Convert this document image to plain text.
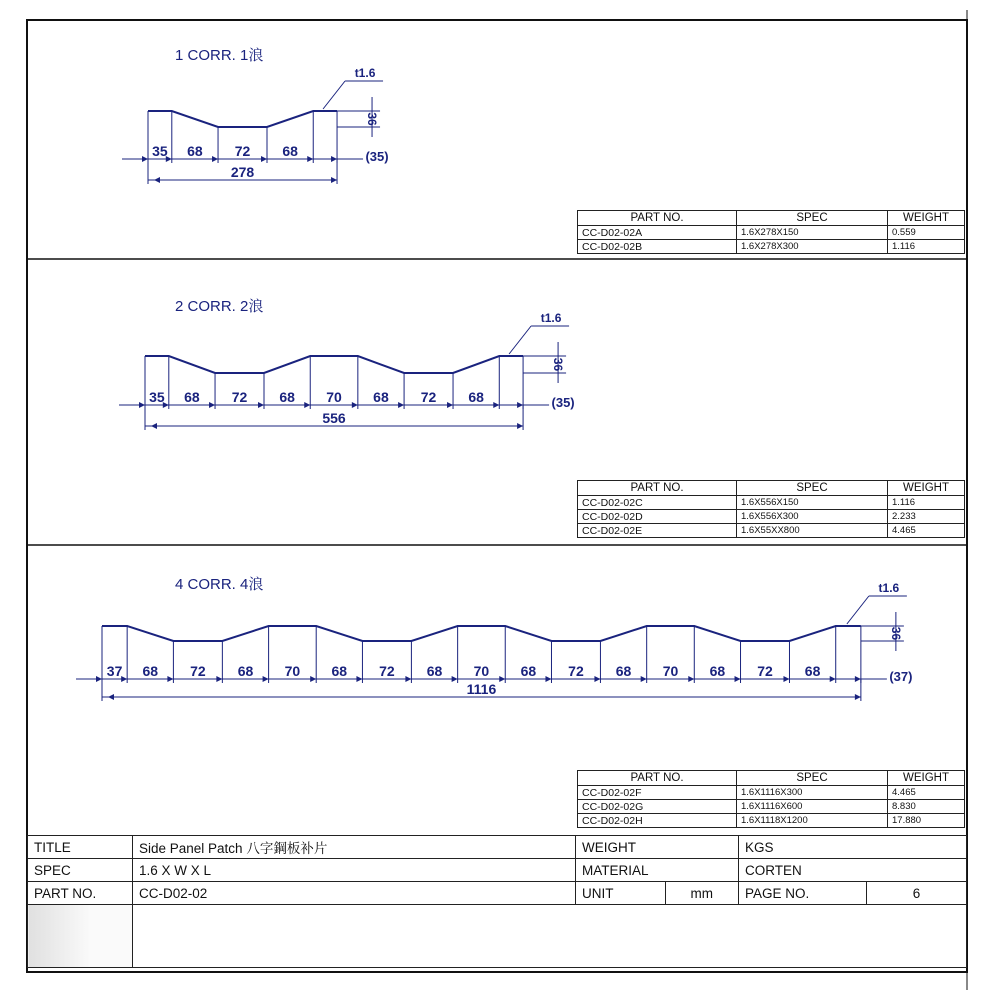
1 CORR. 1浪
2 CORR. 2浪
4 CORR. 4浪
35 68 72 68	(35)
278
36
t1.6
35 68 72 68 70 68 72 68	(35)
556
36
t1.6
37 68 72 68 70 68 72 68 70 68 72 68 70 68 72 68	(37)
1116
36
t1.6
PART NO.	SPEC	WEIGHT
CC-D02-02A	1.6X278X150	0.559
CC-D02-02B	1.6X278X300	1.116
PART NO.	SPEC	WEIGHT
CC-D02-02C	1.6X556X150	1.116
CC-D02-02D	1.6X556X300	2.233
CC-D02-02E	1.6X55XX800	4.465
PART NO.	SPEC	WEIGHT
CC-D02-02F	1.6X1116X300	4.465
CC-D02-02G	1.6X1116X600	8.830
CC-D02-02H	1.6X1118X1200	17.880
TITLE	Side Panel Patch 八字鋼板补片	WEIGHT		KGS	
SPEC	1.6 X W X L	MATERIAL		CORTEN	
PART NO.	CC-D02-02	UNIT	mm	PAGE NO.	6
